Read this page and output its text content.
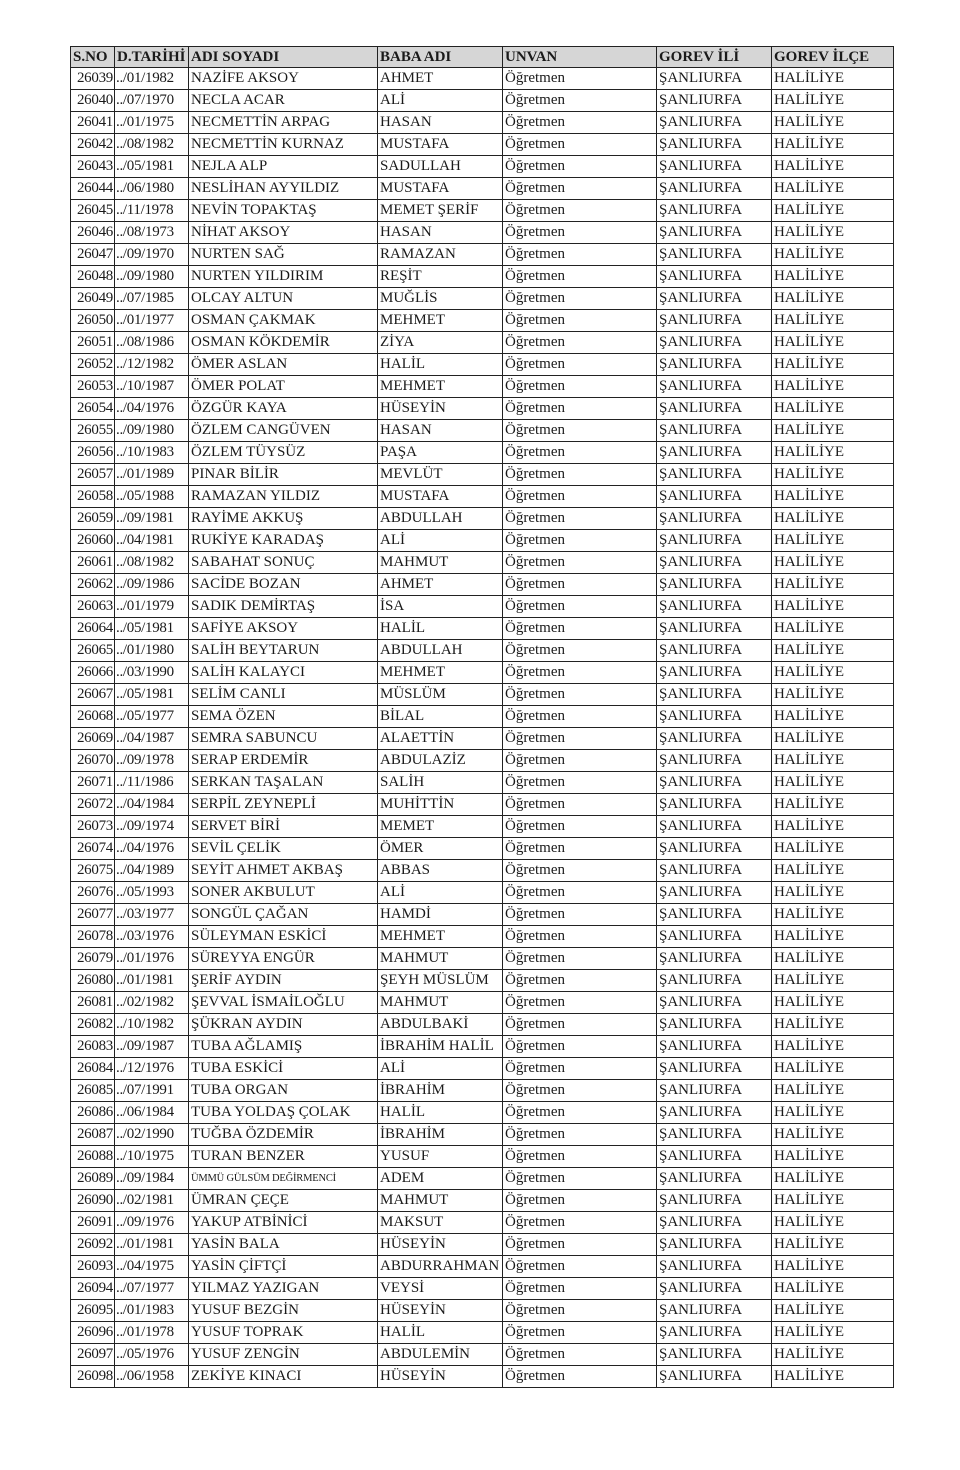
S.NO	D.TARİHİ	ADI SOYADI	BABA ADI	UNVAN	GOREV İLİ	GOREV İLÇE
26039	../01/1982	NAZİFE AKSOY	AHMET	Öğretmen	ŞANLIURFA	HALİLİYE
26040	../07/1970	NECLA ACAR	ALİ	Öğretmen	ŞANLIURFA	HALİLİYE
26041	../01/1975	NECMETTİN ARPAG	HASAN	Öğretmen	ŞANLIURFA	HALİLİYE
26042	../08/1982	NECMETTİN KURNAZ	MUSTAFA	Öğretmen	ŞANLIURFA	HALİLİYE
26043	../05/1981	NEJLA ALP	SADULLAH	Öğretmen	ŞANLIURFA	HALİLİYE
26044	../06/1980	NESLİHAN AYYILDIZ	MUSTAFA	Öğretmen	ŞANLIURFA	HALİLİYE
26045	../11/1978	NEVİN TOPAKTAŞ	MEMET ŞERİF	Öğretmen	ŞANLIURFA	HALİLİYE
26046	../08/1973	NİHAT AKSOY	HASAN	Öğretmen	ŞANLIURFA	HALİLİYE
26047	../09/1970	NURTEN SAĞ	RAMAZAN	Öğretmen	ŞANLIURFA	HALİLİYE
26048	../09/1980	NURTEN YILDIRIM	REŞİT	Öğretmen	ŞANLIURFA	HALİLİYE
26049	../07/1985	OLCAY ALTUN	MUĞLİS	Öğretmen	ŞANLIURFA	HALİLİYE
26050	../01/1977	OSMAN ÇAKMAK	MEHMET	Öğretmen	ŞANLIURFA	HALİLİYE
26051	../08/1986	OSMAN KÖKDEMİR	ZİYA	Öğretmen	ŞANLIURFA	HALİLİYE
26052	../12/1982	ÖMER ASLAN	HALİL	Öğretmen	ŞANLIURFA	HALİLİYE
26053	../10/1987	ÖMER POLAT	MEHMET	Öğretmen	ŞANLIURFA	HALİLİYE
26054	../04/1976	ÖZGÜR KAYA	HÜSEYİN	Öğretmen	ŞANLIURFA	HALİLİYE
26055	../09/1980	ÖZLEM CANGÜVEN	HASAN	Öğretmen	ŞANLIURFA	HALİLİYE
26056	../10/1983	ÖZLEM TÜYSÜZ	PAŞA	Öğretmen	ŞANLIURFA	HALİLİYE
26057	../01/1989	PINAR BİLİR	MEVLÜT	Öğretmen	ŞANLIURFA	HALİLİYE
26058	../05/1988	RAMAZAN YILDIZ	MUSTAFA	Öğretmen	ŞANLIURFA	HALİLİYE
26059	../09/1981	RAYİME AKKUŞ	ABDULLAH	Öğretmen	ŞANLIURFA	HALİLİYE
26060	../04/1981	RUKİYE KARADAŞ	ALİ	Öğretmen	ŞANLIURFA	HALİLİYE
26061	../08/1982	SABAHAT SONUÇ	MAHMUT	Öğretmen	ŞANLIURFA	HALİLİYE
26062	../09/1986	SACİDE BOZAN	AHMET	Öğretmen	ŞANLIURFA	HALİLİYE
26063	../01/1979	SADIK DEMİRTAŞ	İSA	Öğretmen	ŞANLIURFA	HALİLİYE
26064	../05/1981	SAFİYE AKSOY	HALİL	Öğretmen	ŞANLIURFA	HALİLİYE
26065	../01/1980	SALİH BEYTARUN	ABDULLAH	Öğretmen	ŞANLIURFA	HALİLİYE
26066	../03/1990	SALİH KALAYCI	MEHMET	Öğretmen	ŞANLIURFA	HALİLİYE
26067	../05/1981	SELİM CANLI	MÜSLÜM	Öğretmen	ŞANLIURFA	HALİLİYE
26068	../05/1977	SEMA ÖZEN	BİLAL	Öğretmen	ŞANLIURFA	HALİLİYE
26069	../04/1987	SEMRA SABUNCU	ALAETTİN	Öğretmen	ŞANLIURFA	HALİLİYE
26070	../09/1978	SERAP ERDEMİR	ABDULAZİZ	Öğretmen	ŞANLIURFA	HALİLİYE
26071	../11/1986	SERKAN TAŞALAN	SALİH	Öğretmen	ŞANLIURFA	HALİLİYE
26072	../04/1984	SERPİL ZEYNEPLİ	MUHİTTİN	Öğretmen	ŞANLIURFA	HALİLİYE
26073	../09/1974	SERVET BİRİ	MEMET	Öğretmen	ŞANLIURFA	HALİLİYE
26074	../04/1976	SEVİL ÇELİK	ÖMER	Öğretmen	ŞANLIURFA	HALİLİYE
26075	../04/1989	SEYİT AHMET AKBAŞ	ABBAS	Öğretmen	ŞANLIURFA	HALİLİYE
26076	../05/1993	SONER AKBULUT	ALİ	Öğretmen	ŞANLIURFA	HALİLİYE
26077	../03/1977	SONGÜL ÇAĞAN	HAMDİ	Öğretmen	ŞANLIURFA	HALİLİYE
26078	../03/1976	SÜLEYMAN ESKİCİ	MEHMET	Öğretmen	ŞANLIURFA	HALİLİYE
26079	../01/1976	SÜREYYA ENGÜR	MAHMUT	Öğretmen	ŞANLIURFA	HALİLİYE
26080	../01/1981	ŞERİF AYDIN	ŞEYH MÜSLÜM	Öğretmen	ŞANLIURFA	HALİLİYE
26081	../02/1982	ŞEVVAL İSMAİLOĞLU	MAHMUT	Öğretmen	ŞANLIURFA	HALİLİYE
26082	../10/1982	ŞÜKRAN AYDIN	ABDULBAKİ	Öğretmen	ŞANLIURFA	HALİLİYE
26083	../09/1987	TUBA AĞLAMIŞ	İBRAHİM HALİL	Öğretmen	ŞANLIURFA	HALİLİYE
26084	../12/1976	TUBA ESKİCİ	ALİ	Öğretmen	ŞANLIURFA	HALİLİYE
26085	../07/1991	TUBA ORGAN	İBRAHİM	Öğretmen	ŞANLIURFA	HALİLİYE
26086	../06/1984	TUBA YOLDAŞ ÇOLAK	HALİL	Öğretmen	ŞANLIURFA	HALİLİYE
26087	../02/1990	TUĞBA ÖZDEMİR	İBRAHİM	Öğretmen	ŞANLIURFA	HALİLİYE
26088	../10/1975	TURAN BENZER	YUSUF	Öğretmen	ŞANLIURFA	HALİLİYE
26089	../09/1984	ÜMMÜ GÜLSÜM DEĞİRMENCİ	ADEM	Öğretmen	ŞANLIURFA	HALİLİYE
26090	../02/1981	ÜMRAN ÇEÇE	MAHMUT	Öğretmen	ŞANLIURFA	HALİLİYE
26091	../09/1976	YAKUP ATBİNİCİ	MAKSUT	Öğretmen	ŞANLIURFA	HALİLİYE
26092	../01/1981	YASİN BALA	HÜSEYİN	Öğretmen	ŞANLIURFA	HALİLİYE
26093	../04/1975	YASİN ÇİFTÇİ	ABDURRAHMAN	Öğretmen	ŞANLIURFA	HALİLİYE
26094	../07/1977	YILMAZ YAZIGAN	VEYSİ	Öğretmen	ŞANLIURFA	HALİLİYE
26095	../01/1983	YUSUF BEZGİN	HÜSEYİN	Öğretmen	ŞANLIURFA	HALİLİYE
26096	../01/1978	YUSUF TOPRAK	HALİL	Öğretmen	ŞANLIURFA	HALİLİYE
26097	../05/1976	YUSUF ZENGİN	ABDULEMİN	Öğretmen	ŞANLIURFA	HALİLİYE
26098	../06/1958	ZEKİYE KINACI	HÜSEYİN	Öğretmen	ŞANLIURFA	HALİLİYE
